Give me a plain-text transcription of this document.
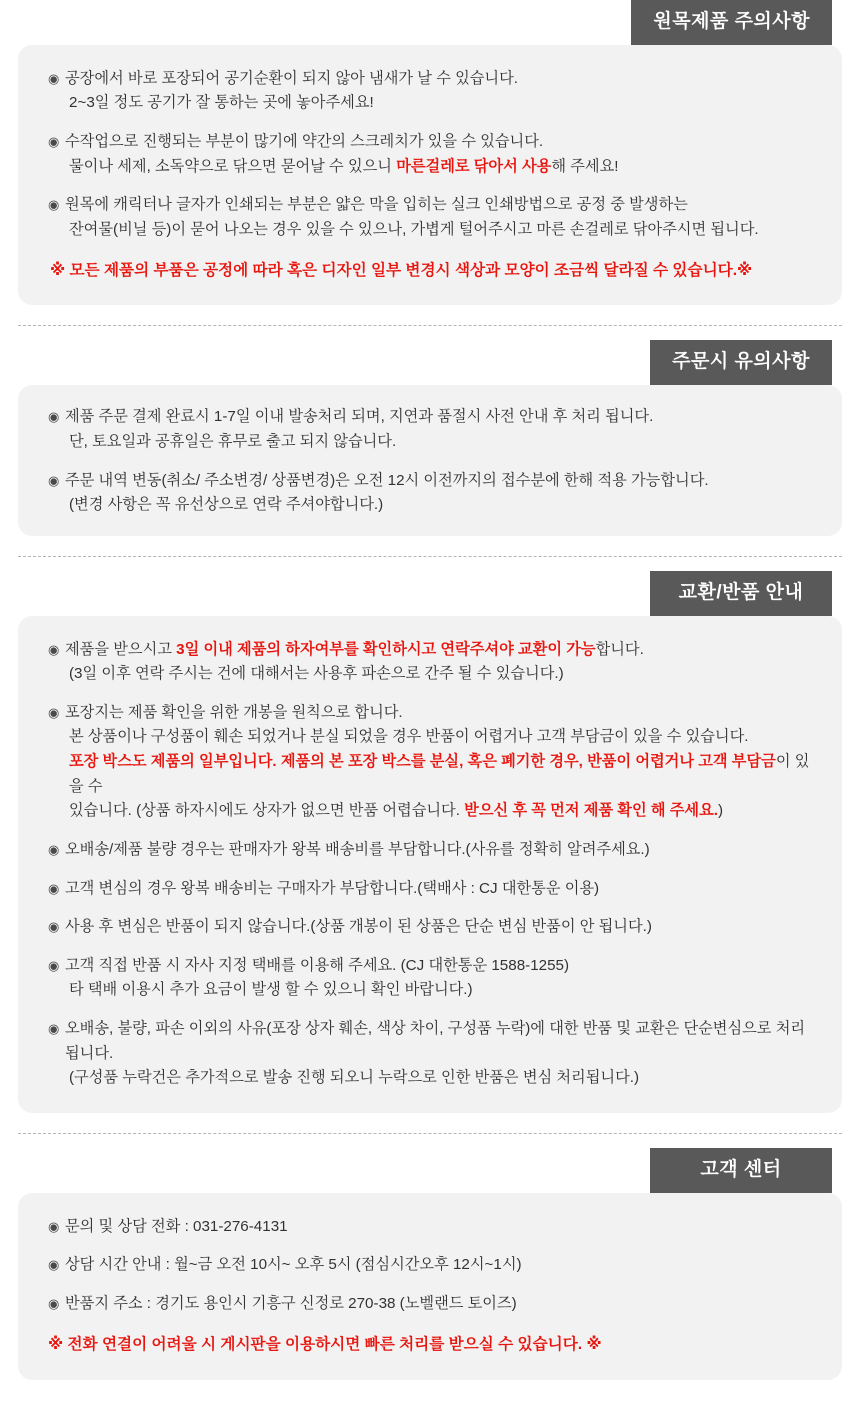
원목제품 주의사항
◉ 공장에서 바로 포장되어 공기순환이 되지 않아 냄새가 날 수 있습니다.
2~3일 정도 공기가 잘 통하는 곳에 놓아주세요!
◉ 수작업으로 진행되는 부분이 많기에 약간의 스크레치가 있을 수 있습니다.
물이나 세제, 소독약으로 닦으면 묻어날 수 있으니 마른걸레로 닦아서 사용해 주세요!
◉ 원목에 캐릭터나 글자가 인쇄되는 부분은 얇은 막을 입히는 실크 인쇄방법으로 공정 중 발생하는
잔여물(비닐 등)이 묻어 나오는 경우 있을 수 있으나, 가볍게 털어주시고 마른 손걸레로 닦아주시면 됩니다.
※ 모든 제품의 부품은 공정에 따라 혹은 디자인 일부 변경시 색상과 모양이 조금씩 달라질 수 있습니다.※
주문시 유의사항
◉ 제품 주문 결제 완료시 1-7일 이내 발송처리 되며, 지연과 품절시 사전 안내 후 처리 됩니다.
단, 토요일과 공휴일은 휴무로 출고 되지 않습니다.
◉ 주문 내역 변동(취소/ 주소변경/ 상품변경)은 오전 12시 이전까지의 접수분에 한해 적용 가능합니다.
(변경 사항은 꼭 유선상으로 연락 주셔야합니다.)
교환/반품 안내
◉ 제품을 받으시고 3일 이내 제품의 하자여부를 확인하시고 연락주셔야 교환이 가능합니다.
(3일 이후 연락 주시는 건에 대해서는 사용후 파손으로 간주 될 수 있습니다.)
◉ 포장지는 제품 확인을 위한 개봉을 원칙으로 합니다.
본 상품이나 구성품이 훼손 되었거나 분실 되었을 경우 반품이 어렵거나 고객 부담금이 있을 수 있습니다.
포장 박스도 제품의 일부입니다. 제품의 본 포장 박스를 분실, 혹은 폐기한 경우, 반품이 어렵거나 고객 부담금이 있을 수
있습니다. (상품 하자시에도 상자가 없으면 반품 어렵습니다. 받으신 후 꼭 먼저 제품 확인 해 주세요.)
◉ 오배송/제품 불량 경우는 판매자가 왕복 배송비를 부담합니다.(사유를 정확히 알려주세요.)
◉ 고객 변심의 경우 왕복 배송비는 구매자가 부담합니다.(택배사 : CJ 대한통운 이용)
◉ 사용 후 변심은 반품이 되지 않습니다.(상품 개봉이 된 상품은 단순 변심 반품이 안 됩니다.)
◉ 고객 직접 반품 시 자사 지정 택배를 이용해 주세요. (CJ 대한통운 1588-1255)
타 택배 이용시 추가 요금이 발생 할 수 있으니 확인 바랍니다.)
◉ 오배송, 불량, 파손 이외의 사유(포장 상자 훼손, 색상 차이, 구성품 누락)에 대한 반품 및 교환은 단순변심으로 처리됩니다.
(구성품 누락건은 추가적으로 발송 진행 되오니 누락으로 인한 반품은 변심 처리됩니다.)
고객 센터
◉ 문의 및 상담 전화 : 031-276-4131
◉ 상담 시간 안내 : 월~금 오전 10시~ 오후 5시 (점심시간오후 12시~1시)
◉ 반품지 주소 : 경기도 용인시 기흥구 신정로 270-38 (노벨랜드 토이즈)
※ 전화 연결이 어려울 시 게시판을 이용하시면 빠른 처리를 받으실 수 있습니다. ※
